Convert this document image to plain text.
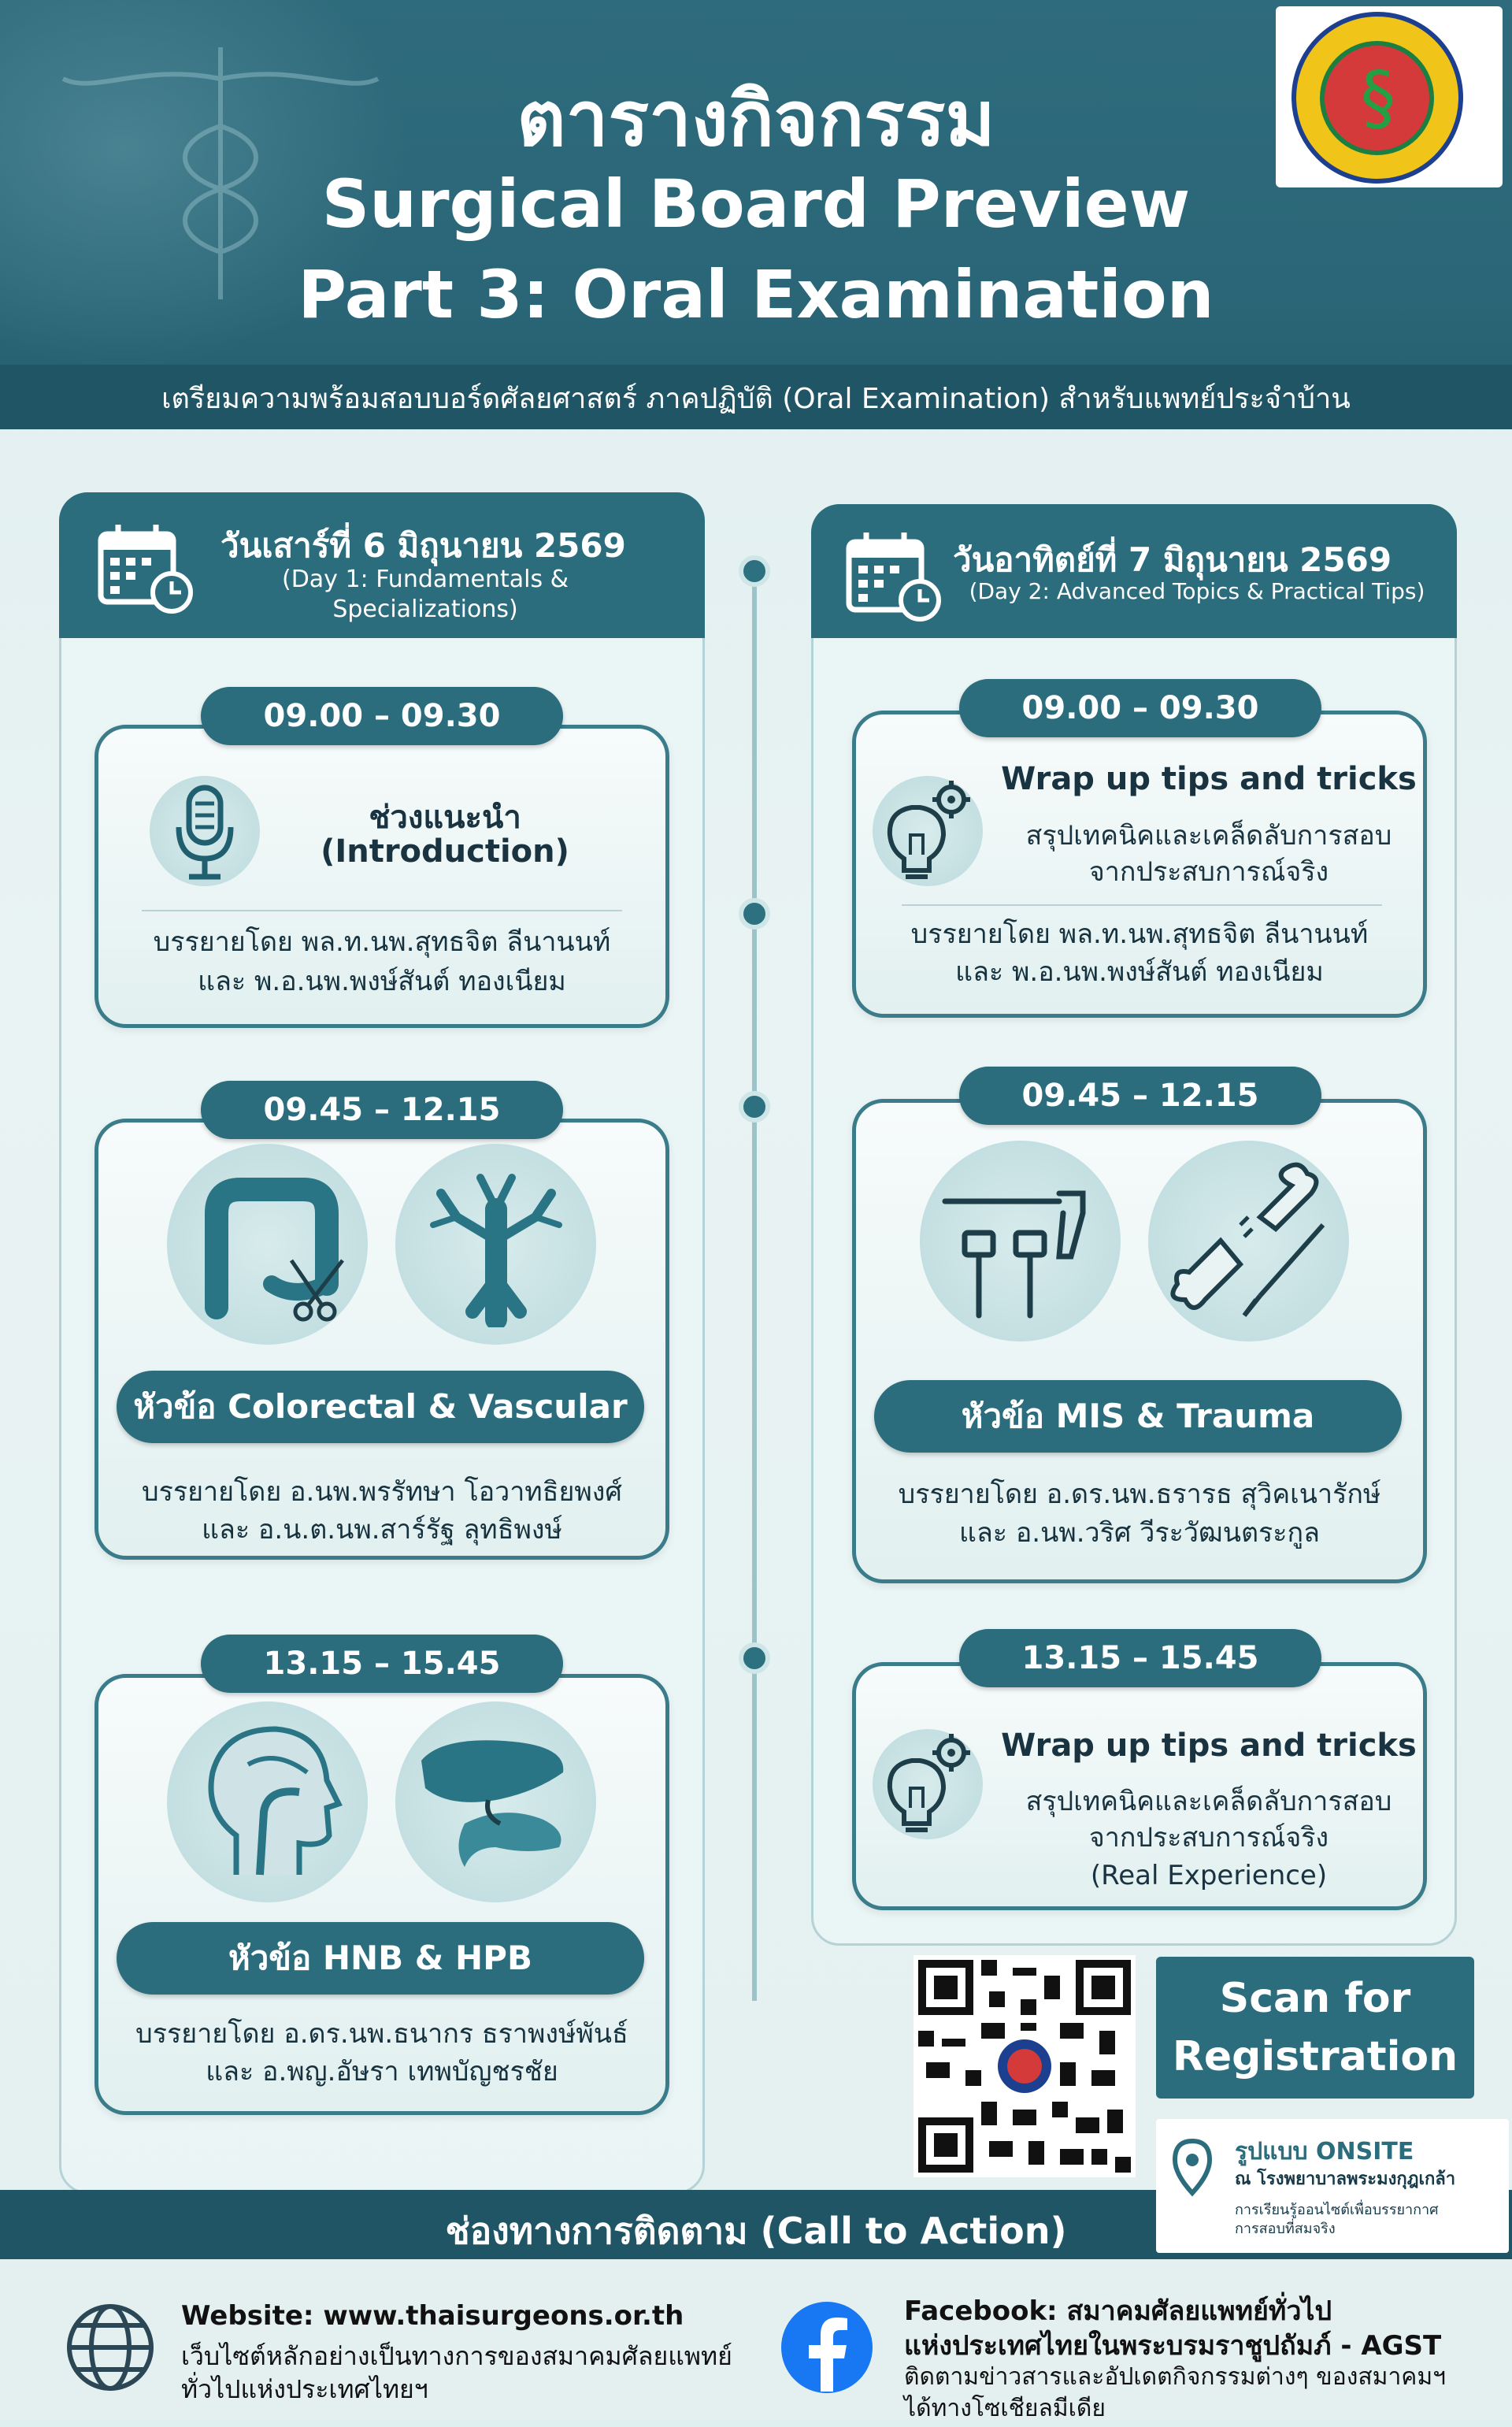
ตารางกิจกรรม
Surgical Board Preview
Part 3: Oral Examination
§
เตรียมความพร้อมสอบบอร์ดศัลยศาสตร์ ภาคปฏิบัติ (Oral Examination) สำหรับแพทย์ประจำบ้าน
วันเสาร์ที่ 6 มิถุนายน 2569
(Day 1: Fundamentals &
Specializations)
09.00 – 09.30
ช่วงแนะนำ
(Introduction)
บรรยายโดย พล.ท.นพ.สุทธจิต ลีนานนท์
และ พ.อ.นพ.พงษ์สันต์ ทองเนียม
09.45 – 12.15
หัวข้อ Colorectal & Vascular
บรรยายโดย อ.นพ.พรรัทษา โอวาทธิยพงศ์
และ อ.น.ต.นพ.สาร์รัฐ ลุทธิพงษ์
13.15 – 15.45
หัวข้อ HNB & HPB
บรรยายโดย อ.ดร.นพ.ธนากร ธราพงษ์พันธ์
และ อ.พญ.อัษรา เทพบัญชรชัย
วันอาทิตย์ที่ 7 มิถุนายน 2569
(Day 2: Advanced Topics & Practical Tips)
09.00 – 09.30
Wrap up tips and tricks
สรุปเทคนิคและเคล็ดลับการสอบ
จากประสบการณ์จริง
บรรยายโดย พล.ท.นพ.สุทธจิต ลีนานนท์
และ พ.อ.นพ.พงษ์สันต์ ทองเนียม
09.45 – 12.15
หัวข้อ MIS & Trauma
บรรยายโดย อ.ดร.นพ.ธรารธ สุวิคเนารักษ์
และ อ.นพ.วริศ วีระวัฒนตระกูล
13.15 – 15.45
Wrap up tips and tricks
สรุปเทคนิคและเคล็ดลับการสอบ
จากประสบการณ์จริง
(Real Experience)
Scan for
Registration
ช่องทางการติดตาม (Call to Action)
รูปแบบ ONSITE
ณ โรงพยาบาลพระมงกุฎเกล้า
การเรียนรู้ออนไซต์เพื่อบรรยากาศ
การสอบที่สมจริง
Website: www.thaisurgeons.or.th
เว็บไซต์หลักอย่างเป็นทางการของสมาคมศัลยแพทย์
ทั่วไปแห่งประเทศไทยฯ
Facebook: สมาคมศัลยแพทย์ทั่วไป
แห่งประเทศไทยในพระบรมราชูปถัมภ์ - AGST
ติดตามข่าวสารและอัปเดตกิจกรรมต่างๆ ของสมาคมฯ
ได้ทางโซเชียลมีเดีย
